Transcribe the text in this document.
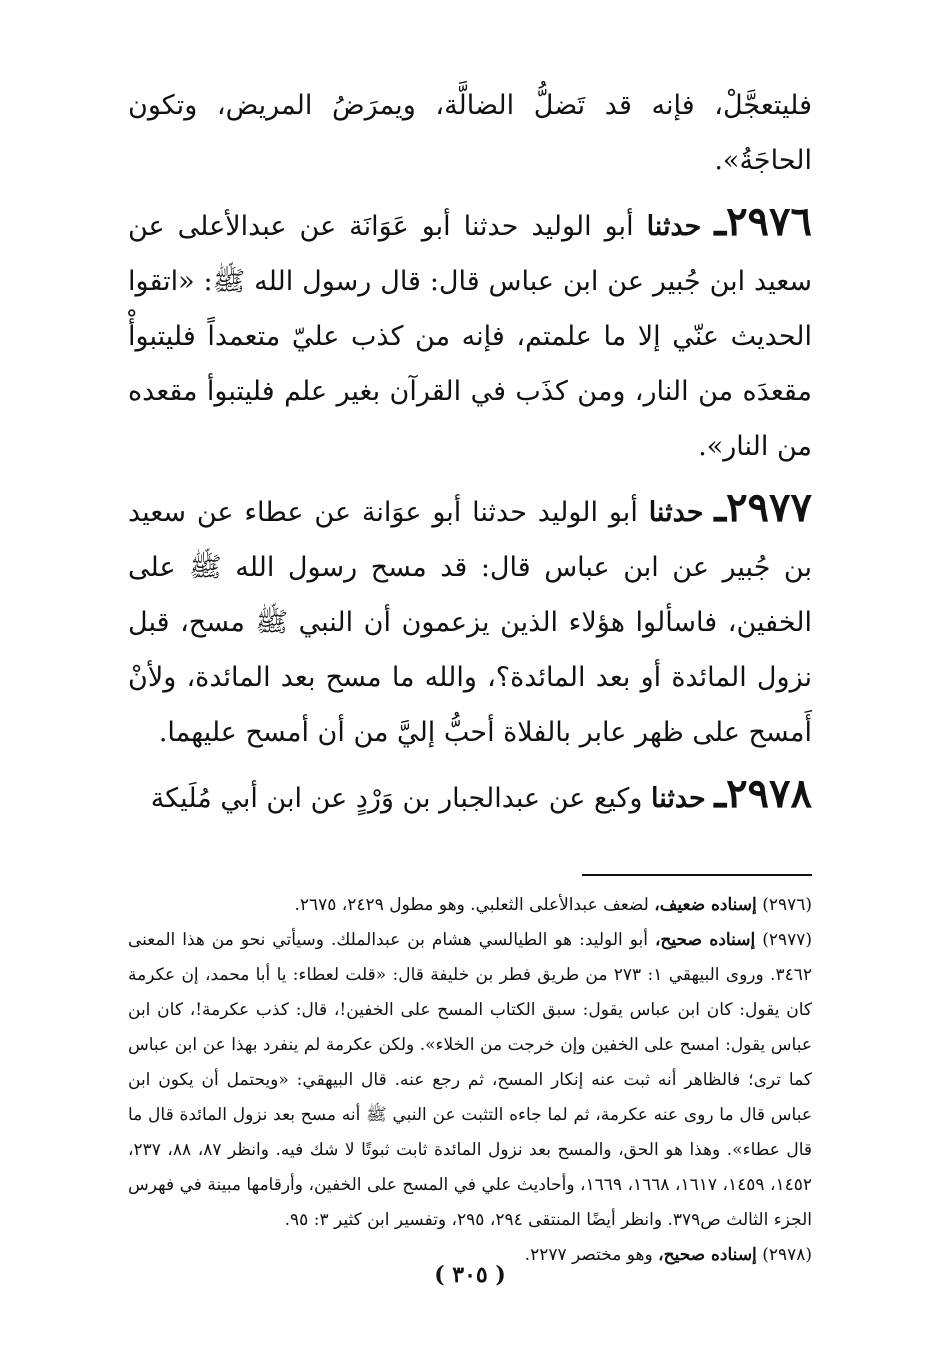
فليتعجَّلْ، فإنه قد تَضلُّ الضالَّة، ويمرَضُ المريض، وتكون الحاجَةُ».

٢٩٧٦ـ حدثنا أبو الوليد حدثنا أبو عَوَانَة عن عبدالأعلى عن سعيد ابن جُبير عن ابن عباس قال: قال رسول الله ﷺ: «اتقوا الحديث عنّي إلا ما علمتم، فإنه من كذب عليّ متعمداً فليتبوأْ مقعدَه من النار، ومن كذَب في القرآن بغير علم فليتبوأ مقعده من النار».

٢٩٧٧ـ حدثنا أبو الوليد حدثنا أبو عوَانة عن عطاء عن سعيد بن جُبير عن ابن عباس قال: قد مسح رسول الله ﷺ على الخفين، فاسألوا هؤلاء الذين يزعمون أن النبي ﷺ مسح، قبل نزول المائدة أو بعد المائدة؟، والله ما مسح بعد المائدة، ولأنْ أَمسح على ظهر عابر بالفلاة أحبُّ إليَّ من أن أمسح عليهما.

٢٩٧٨ـ حدثنا وكيع عن عبدالجبار بن وَرْدٍ عن ابن أبي مُلَيكة

(٢٩٧٦) إسناده ضعيف، لضعف عبدالأعلى الثعلبي. وهو مطول ٢٤٢٩، ٢٦٧٥.

(٢٩٧٧) إسناده صحيح، أبو الوليد: هو الطيالسي هشام بن عبدالملك. وسيأتي نحو من هذا المعنى ٣٤٦٢. وروى البيهقي ١: ٢٧٣ من طريق فطر بن خليفة قال: «قلت لعطاء: يا أبا محمد، إن عكرمة كان يقول: كان ابن عباس يقول: سبق الكتاب المسح على الخفين!، قال: كذب عكرمة!، كان ابن عباس يقول: امسح على الخفين وإن خرجت من الخلاء». ولكن عكرمة لم ينفرد بهذا عن ابن عباس كما ترى؛ فالظاهر أنه ثبت عنه إنكار المسح، ثم رجع عنه. قال البيهقي: «ويحتمل أن يكون ابن عباس قال ما روى عنه عكرمة، ثم لما جاءه التثبت عن النبي ﷺ أنه مسح بعد نزول المائدة قال ما قال عطاء». وهذا هو الحق، والمسح بعد نزول المائدة ثابت ثبوتًا لا شك فيه. وانظر ٨٧، ٨٨، ٢٣٧، ١٤٥٢، ١٤٥٩، ١٦١٧، ١٦٦٨، ١٦٦٩، وأحاديث علي في المسح على الخفين، وأرقامها مبينة في فهرس الجزء الثالث ص٣٧٩. وانظر أيضًا المنتقى ٢٩٤، ٢٩٥، وتفسير ابن كثير ٣: ٩٥.

(٢٩٧٨) إسناده صحيح، وهو مختصر ٢٢٧٧.

( ٣٠٥ )
